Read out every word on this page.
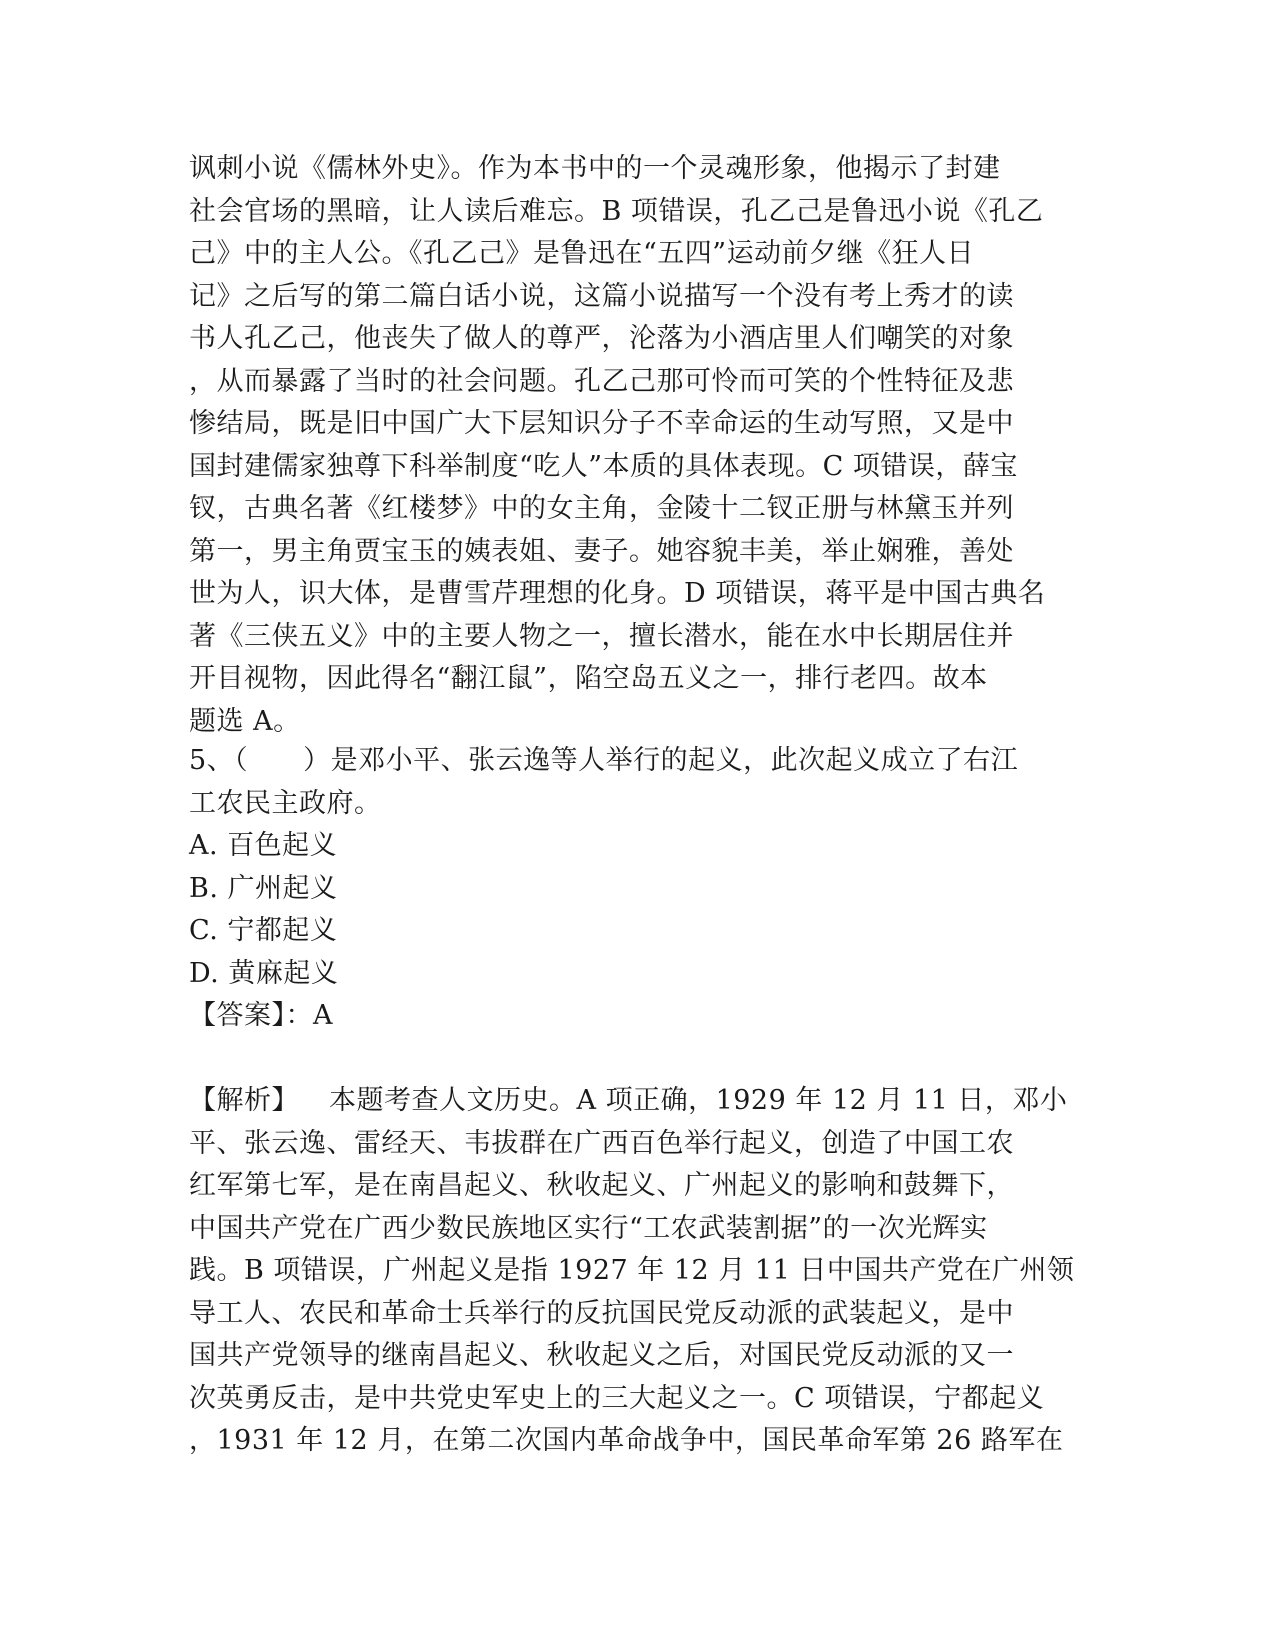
讽刺小说《儒林外史》。作为本书中的一个灵魂形象，他揭示了封建
社会官场的黑暗，让人读后难忘。B 项错误，孔乙己是鲁迅小说《孔乙
己》中的主人公。《孔乙己》是鲁迅在“五四”运动前夕继《狂人日
记》之后写的第二篇白话小说，这篇小说描写一个没有考上秀才的读
书人孔乙己，他丧失了做人的尊严，沦落为小酒店里人们嘲笑的对象
，从而暴露了当时的社会问题。孔乙己那可怜而可笑的个性特征及悲
惨结局，既是旧中国广大下层知识分子不幸命运的生动写照，又是中
国封建儒家独尊下科举制度“吃人”本质的具体表现。C 项错误，薛宝
钗，古典名著《红楼梦》中的女主角，金陵十二钗正册与林黛玉并列
第一，男主角贾宝玉的姨表姐、妻子。她容貌丰美，举止娴雅，善处
世为人，识大体，是曹雪芹理想的化身。D 项错误，蒋平是中国古典名
著《三侠五义》中的主要人物之一，擅长潜水，能在水中长期居住并
开目视物，因此得名“翻江鼠”，陷空岛五义之一，排行老四。故本
题选 A。
5、（　　）是邓小平、张云逸等人举行的起义，此次起义成立了右江
工农民主政府。
A. 百色起义
B. 广州起义
C. 宁都起义
D. 黄麻起义
【答案】：A
【解析】 本题考查人文历史。A 项正确，1929 年 12 月 11 日，邓小
平、张云逸、雷经天、韦拔群在广西百色举行起义，创造了中国工农
红军第七军，是在南昌起义、秋收起义、广州起义的影响和鼓舞下，
中国共产党在广西少数民族地区实行“工农武装割据”的一次光辉实
践。B 项错误，广州起义是指 1927 年 12 月 11 日中国共产党在广州领
导工人、农民和革命士兵举行的反抗国民党反动派的武装起义，是中
国共产党领导的继南昌起义、秋收起义之后，对国民党反动派的又一
次英勇反击，是中共党史军史上的三大起义之一。C 项错误，宁都起义
，1931 年 12 月，在第二次国内革命战争中，国民革命军第 26 路军在
